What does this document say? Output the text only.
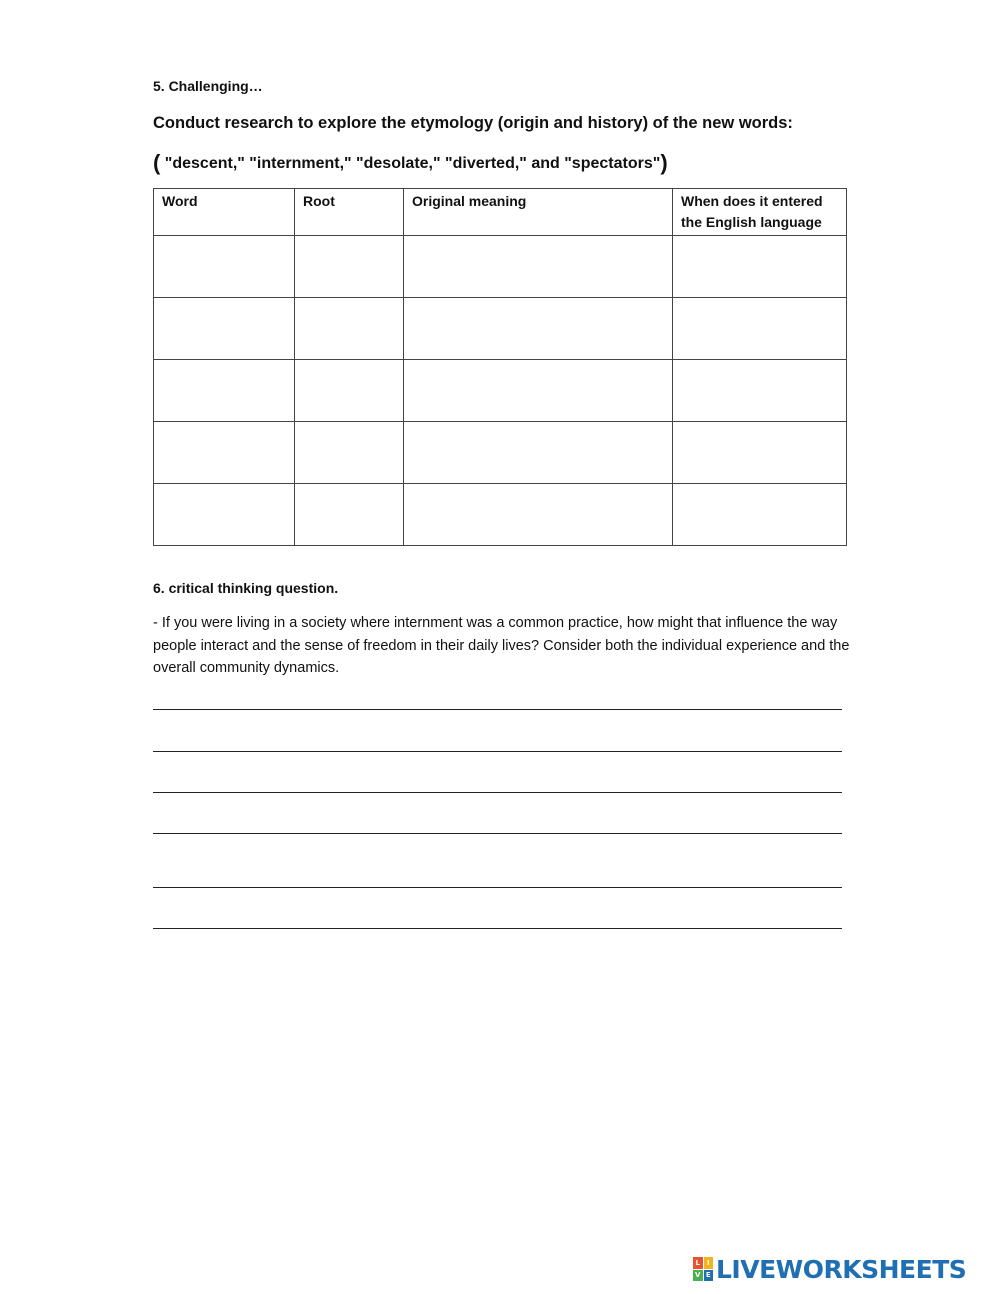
5. Challenging…
Conduct research to explore the etymology (origin and history) of the new words:
( "descent," "internment," "desolate," "diverted," and "spectators")
Word	Root	Original meaning	When does it entered the English language

6. critical thinking question.
- If you were living in a society where internment was a common practice, how might that influence the way people interact and the sense of freedom in their daily lives? Consider both the individual experience and the overall community dynamics.
L I
V E LIVEWORKSHEETS
